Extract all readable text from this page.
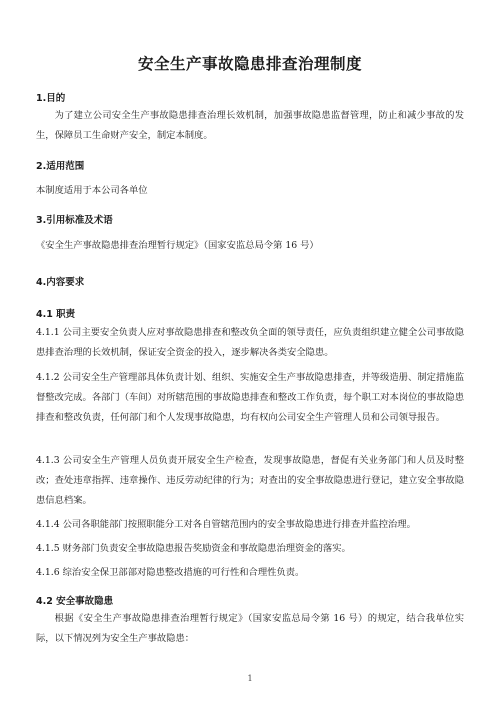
安全生产事故隐患排查治理制度
1.目的
为了建立公司安全生产事故隐患排查治理长效机制，加强事故隐患监督管理，防止和减少事故的发生，保障员工生命财产安全，制定本制度。
2.适用范围
本制度适用于本公司各单位
3.引用标准及术语
《安全生产事故隐患排查治理暂行规定》（国家安监总局令第 16 号）
4.内容要求
4.1 职责
4.1.1 公司主要安全负责人应对事故隐患排查和整改负全面的领导责任，应负责组织建立健全公司事故隐患排查治理的长效机制，保证安全资金的投入，逐步解决各类安全隐患。
4.1.2 公司安全生产管理部具体负责计划、组织、实施安全生产事故隐患排查，并等级造册、制定措施监督整改完成。各部门（车间）对所辖范围的事故隐患排查和整改工作负责，每个职工对本岗位的事故隐患排查和整改负责，任何部门和个人发现事故隐患，均有权向公司安全生产管理人员和公司领导报告。
4.1.3 公司安全生产管理人员负责开展安全生产检查，发现事故隐患，督促有关业务部门和人员及时整改；查处违章指挥、违章操作、违反劳动纪律的行为；对查出的安全事故隐患进行登记，建立安全事故隐患信息档案。
4.1.4 公司各职能部门按照职能分工对各自管辖范围内的安全事故隐患进行排查并监控治理。
4.1.5 财务部门负责安全事故隐患报告奖励资金和事故隐患治理资金的落实。
4.1.6 综治安全保卫部部对隐患整改措施的可行性和合理性负责。
4.2 安全事故隐患
根据《安全生产事故隐患排查治理暂行规定》（国家安监总局令第 16 号）的规定，结合我单位实际，以下情况列为安全生产事故隐患：
1
